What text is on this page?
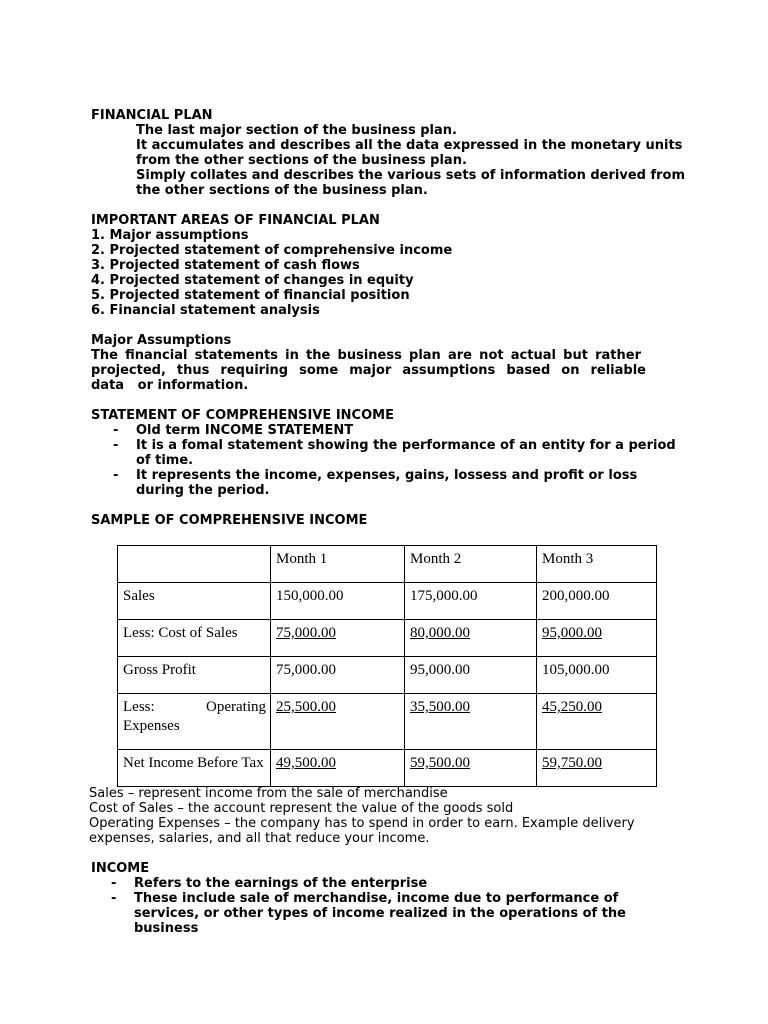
FINANCIAL PLAN
The last major section of the business plan.
It accumulates and describes all the data expressed in the monetary units
from the other sections of the business plan.
Simply collates and describes the various sets of information derived from
the other sections of the business plan.
IMPORTANT AREAS OF FINANCIAL PLAN
1. Major assumptions
2. Projected statement of comprehensive income
3. Projected statement of cash flows
4. Projected statement of changes in equity
5. Projected statement of financial position
6. Financial statement analysis
Major Assumptions
The financial statements in the business plan are not actual but rather
projected, thus requiring some major assumptions based on reliable
data   or information.
STATEMENT OF COMPREHENSIVE INCOME
- Old term INCOME STATEMENT
- It is a fomal statement showing the performance of an entity for a period of time.
- It represents the income, expenses, gains, lossess and profit or loss during the period.
SAMPLE OF COMPREHENSIVE INCOME
	Month 1	Month 2	Month 3
Sales	150,000.00	175,000.00	200,000.00
Less: Cost of Sales	75,000.00	80,000.00	95,000.00
Gross Profit	75,000.00	95,000.00	105,000.00

Less: Operating
Expenses	25,500.00	35,500.00	45,250.00
Net Income Before Tax	49,500.00	59,500.00	59,750.00
Sales – represent income from the sale of merchandise
Cost of Sales – the account represent the value of the goods sold
Operating Expenses – the company has to spend in order to earn. Example delivery
expenses, salaries, and all that reduce your income.
INCOME
- Refers to the earnings of the enterprise
- These include sale of merchandise, income due to performance of services, or other types of income realized in the operations of the business
